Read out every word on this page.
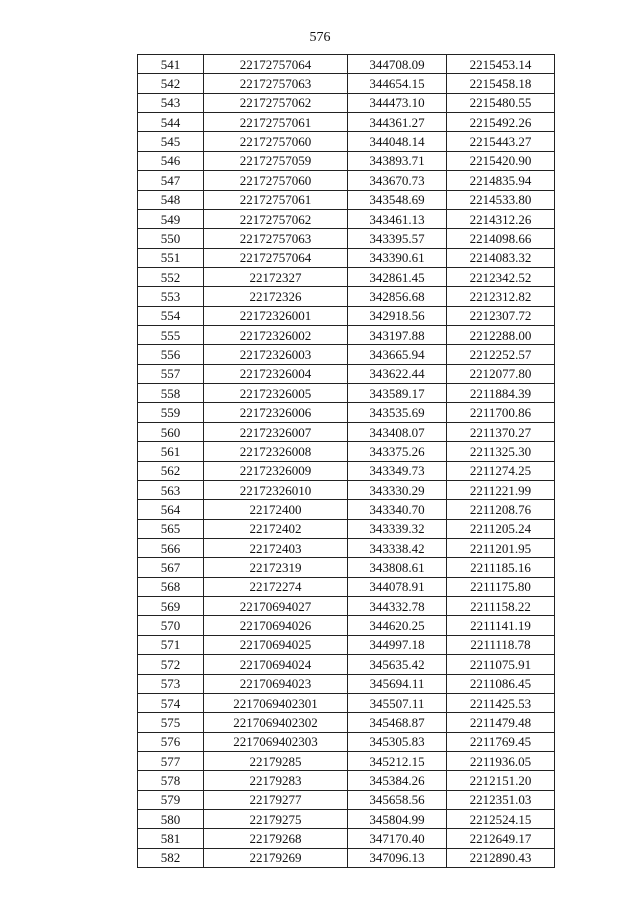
576
541	22172757064	344708.09	2215453.14
542	22172757063	344654.15	2215458.18
543	22172757062	344473.10	2215480.55
544	22172757061	344361.27	2215492.26
545	22172757060	344048.14	2215443.27
546	22172757059	343893.71	2215420.90
547	22172757060	343670.73	2214835.94
548	22172757061	343548.69	2214533.80
549	22172757062	343461.13	2214312.26
550	22172757063	343395.57	2214098.66
551	22172757064	343390.61	2214083.32
552	22172327	342861.45	2212342.52
553	22172326	342856.68	2212312.82
554	22172326001	342918.56	2212307.72
555	22172326002	343197.88	2212288.00
556	22172326003	343665.94	2212252.57
557	22172326004	343622.44	2212077.80
558	22172326005	343589.17	2211884.39
559	22172326006	343535.69	2211700.86
560	22172326007	343408.07	2211370.27
561	22172326008	343375.26	2211325.30
562	22172326009	343349.73	2211274.25
563	22172326010	343330.29	2211221.99
564	22172400	343340.70	2211208.76
565	22172402	343339.32	2211205.24
566	22172403	343338.42	2211201.95
567	22172319	343808.61	2211185.16
568	22172274	344078.91	2211175.80
569	22170694027	344332.78	2211158.22
570	22170694026	344620.25	2211141.19
571	22170694025	344997.18	2211118.78
572	22170694024	345635.42	2211075.91
573	22170694023	345694.11	2211086.45
574	2217069402301	345507.11	2211425.53
575	2217069402302	345468.87	2211479.48
576	2217069402303	345305.83	2211769.45
577	22179285	345212.15	2211936.05
578	22179283	345384.26	2212151.20
579	22179277	345658.56	2212351.03
580	22179275	345804.99	2212524.15
581	22179268	347170.40	2212649.17
582	22179269	347096.13	2212890.43
